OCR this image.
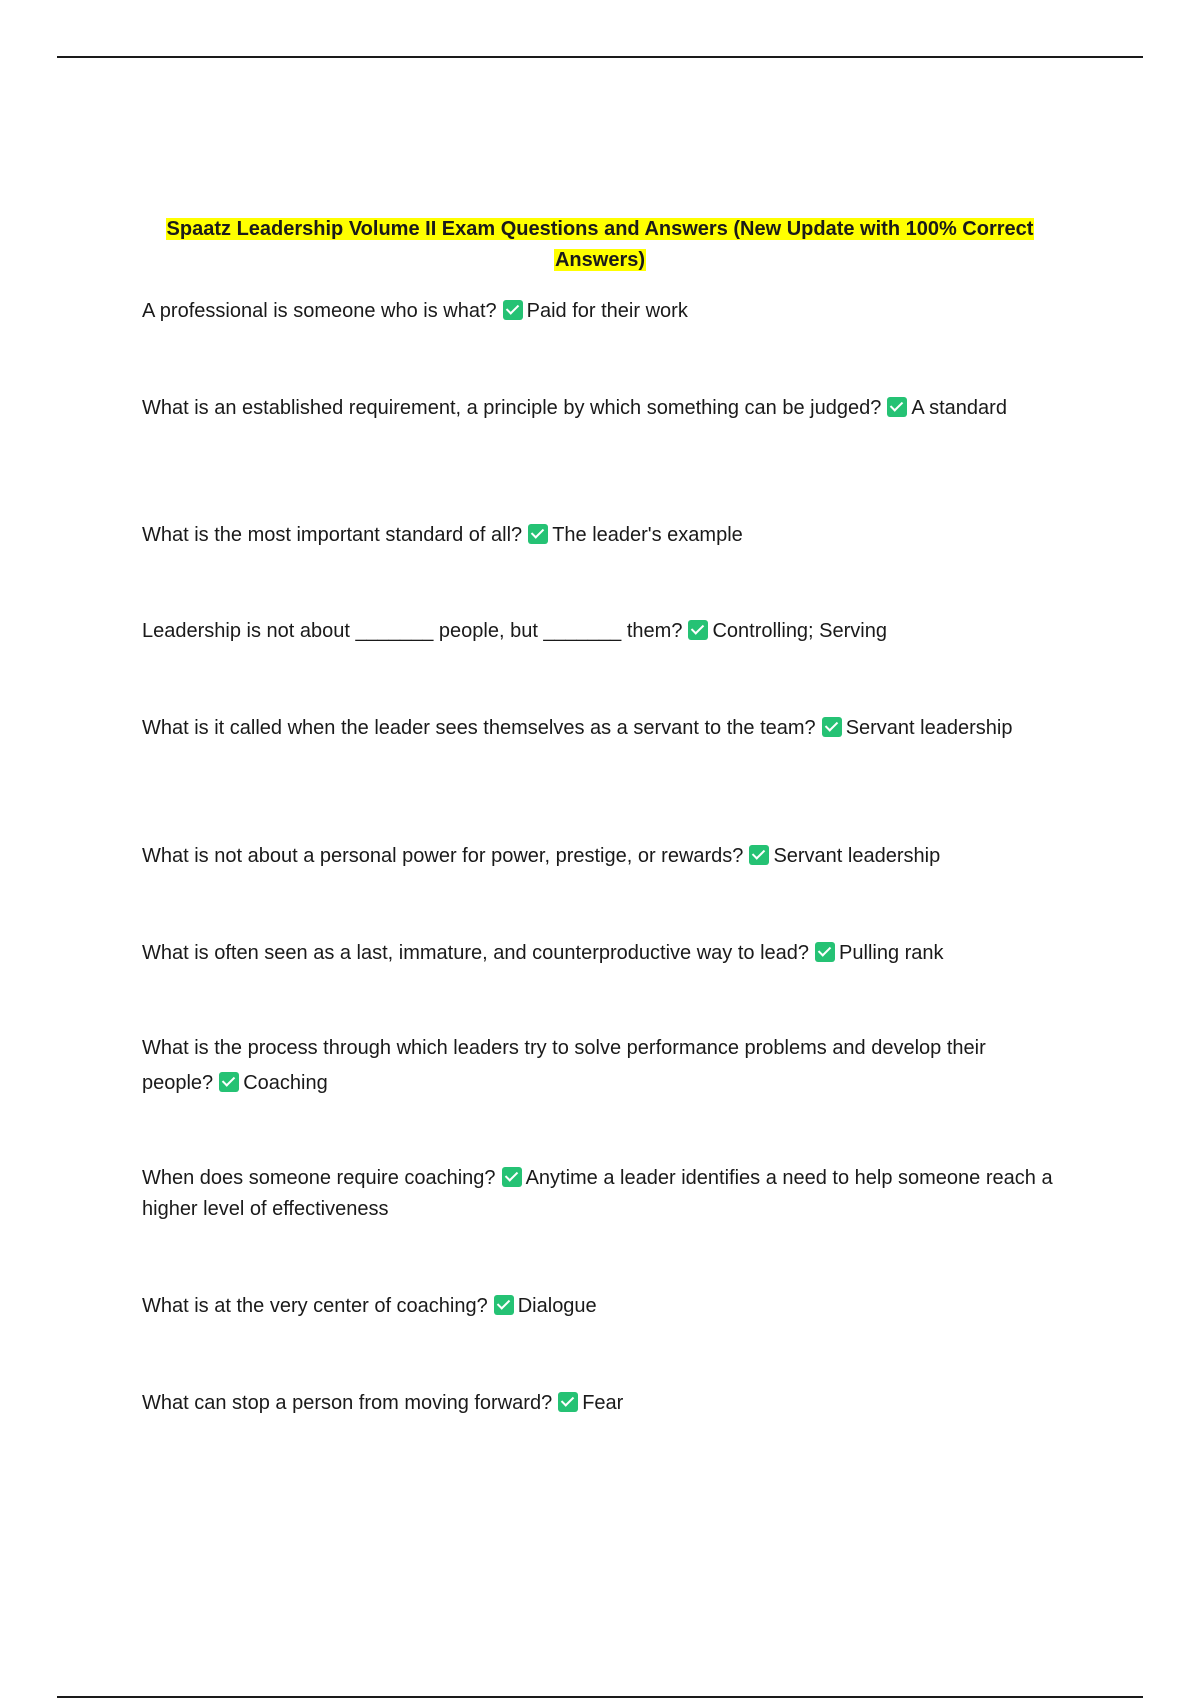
Spaatz Leadership Volume II Exam Questions and Answers (New Update with 100% Correct Answers)
A professional is someone who is what? Paid for their work
What is an established requirement, a principle by which something can be judged? A standard
What is the most important standard of all? The leader's example
Leadership is not about _______ people, but _______ them? Controlling; Serving
What is it called when the leader sees themselves as a servant to the team? Servant leadership
What is not about a personal power for power, prestige, or rewards? Servant leadership
What is often seen as a last, immature, and counterproductive way to lead? Pulling rank
What is the process through which leaders try to solve performance problems and develop their people? Coaching
When does someone require coaching? Anytime a leader identifies a need to help someone reach a higher level of effectiveness
What is at the very center of coaching? Dialogue
What can stop a person from moving forward? Fear
